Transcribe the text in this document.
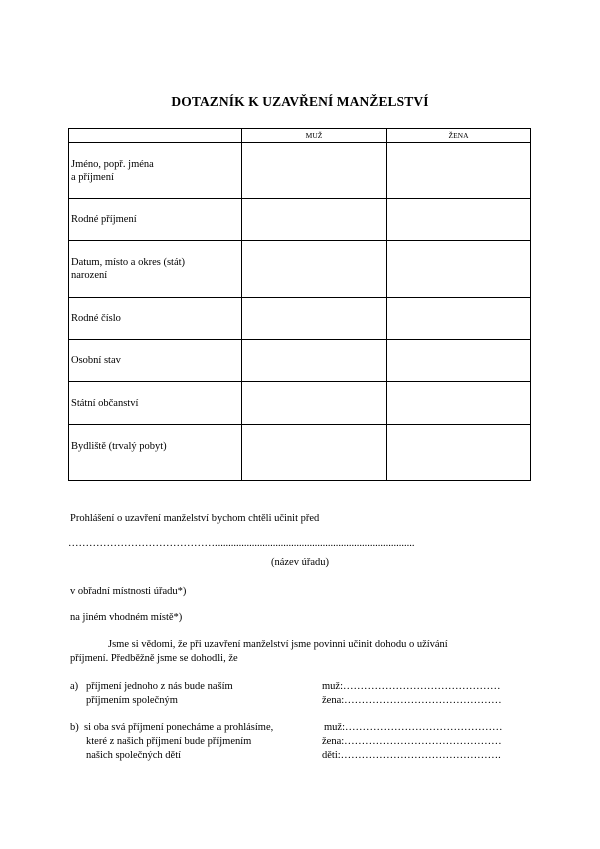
DOTAZNÍK K UZAVŘENÍ MANŽELSTVÍ
	MUŽ	ŽENA
Jméno, popř. jména
a příjmení		
Rodné příjmení		
Datum, místo a okres (stát)
narození		
Rodné číslo		
Osobní stav		
Státní občanství		
Bydliště (trvalý pobyt)		
Prohlášení o uzavření manželství bychom chtěli učinit před
……………………………………............................................................................
(název úřadu)
v obřadní místnosti úřadu*)
na jiném vhodném místě*)
Jsme si vědomi, že při uzavření manželství jsme povinni učinit dohodu o užívání
příjmení. Předběžně jsme se dohodli, že
a) příjmení jednoho z nás bude naším
příjmením společným
muž:………………………………………
žena:………………………………………
b) si oba svá příjmení ponecháme a prohlásíme,
které z našich příjmení bude příjmením
našich společných dětí
muž:………………………………………
žena:………………………………………
děti:……………………………………….
